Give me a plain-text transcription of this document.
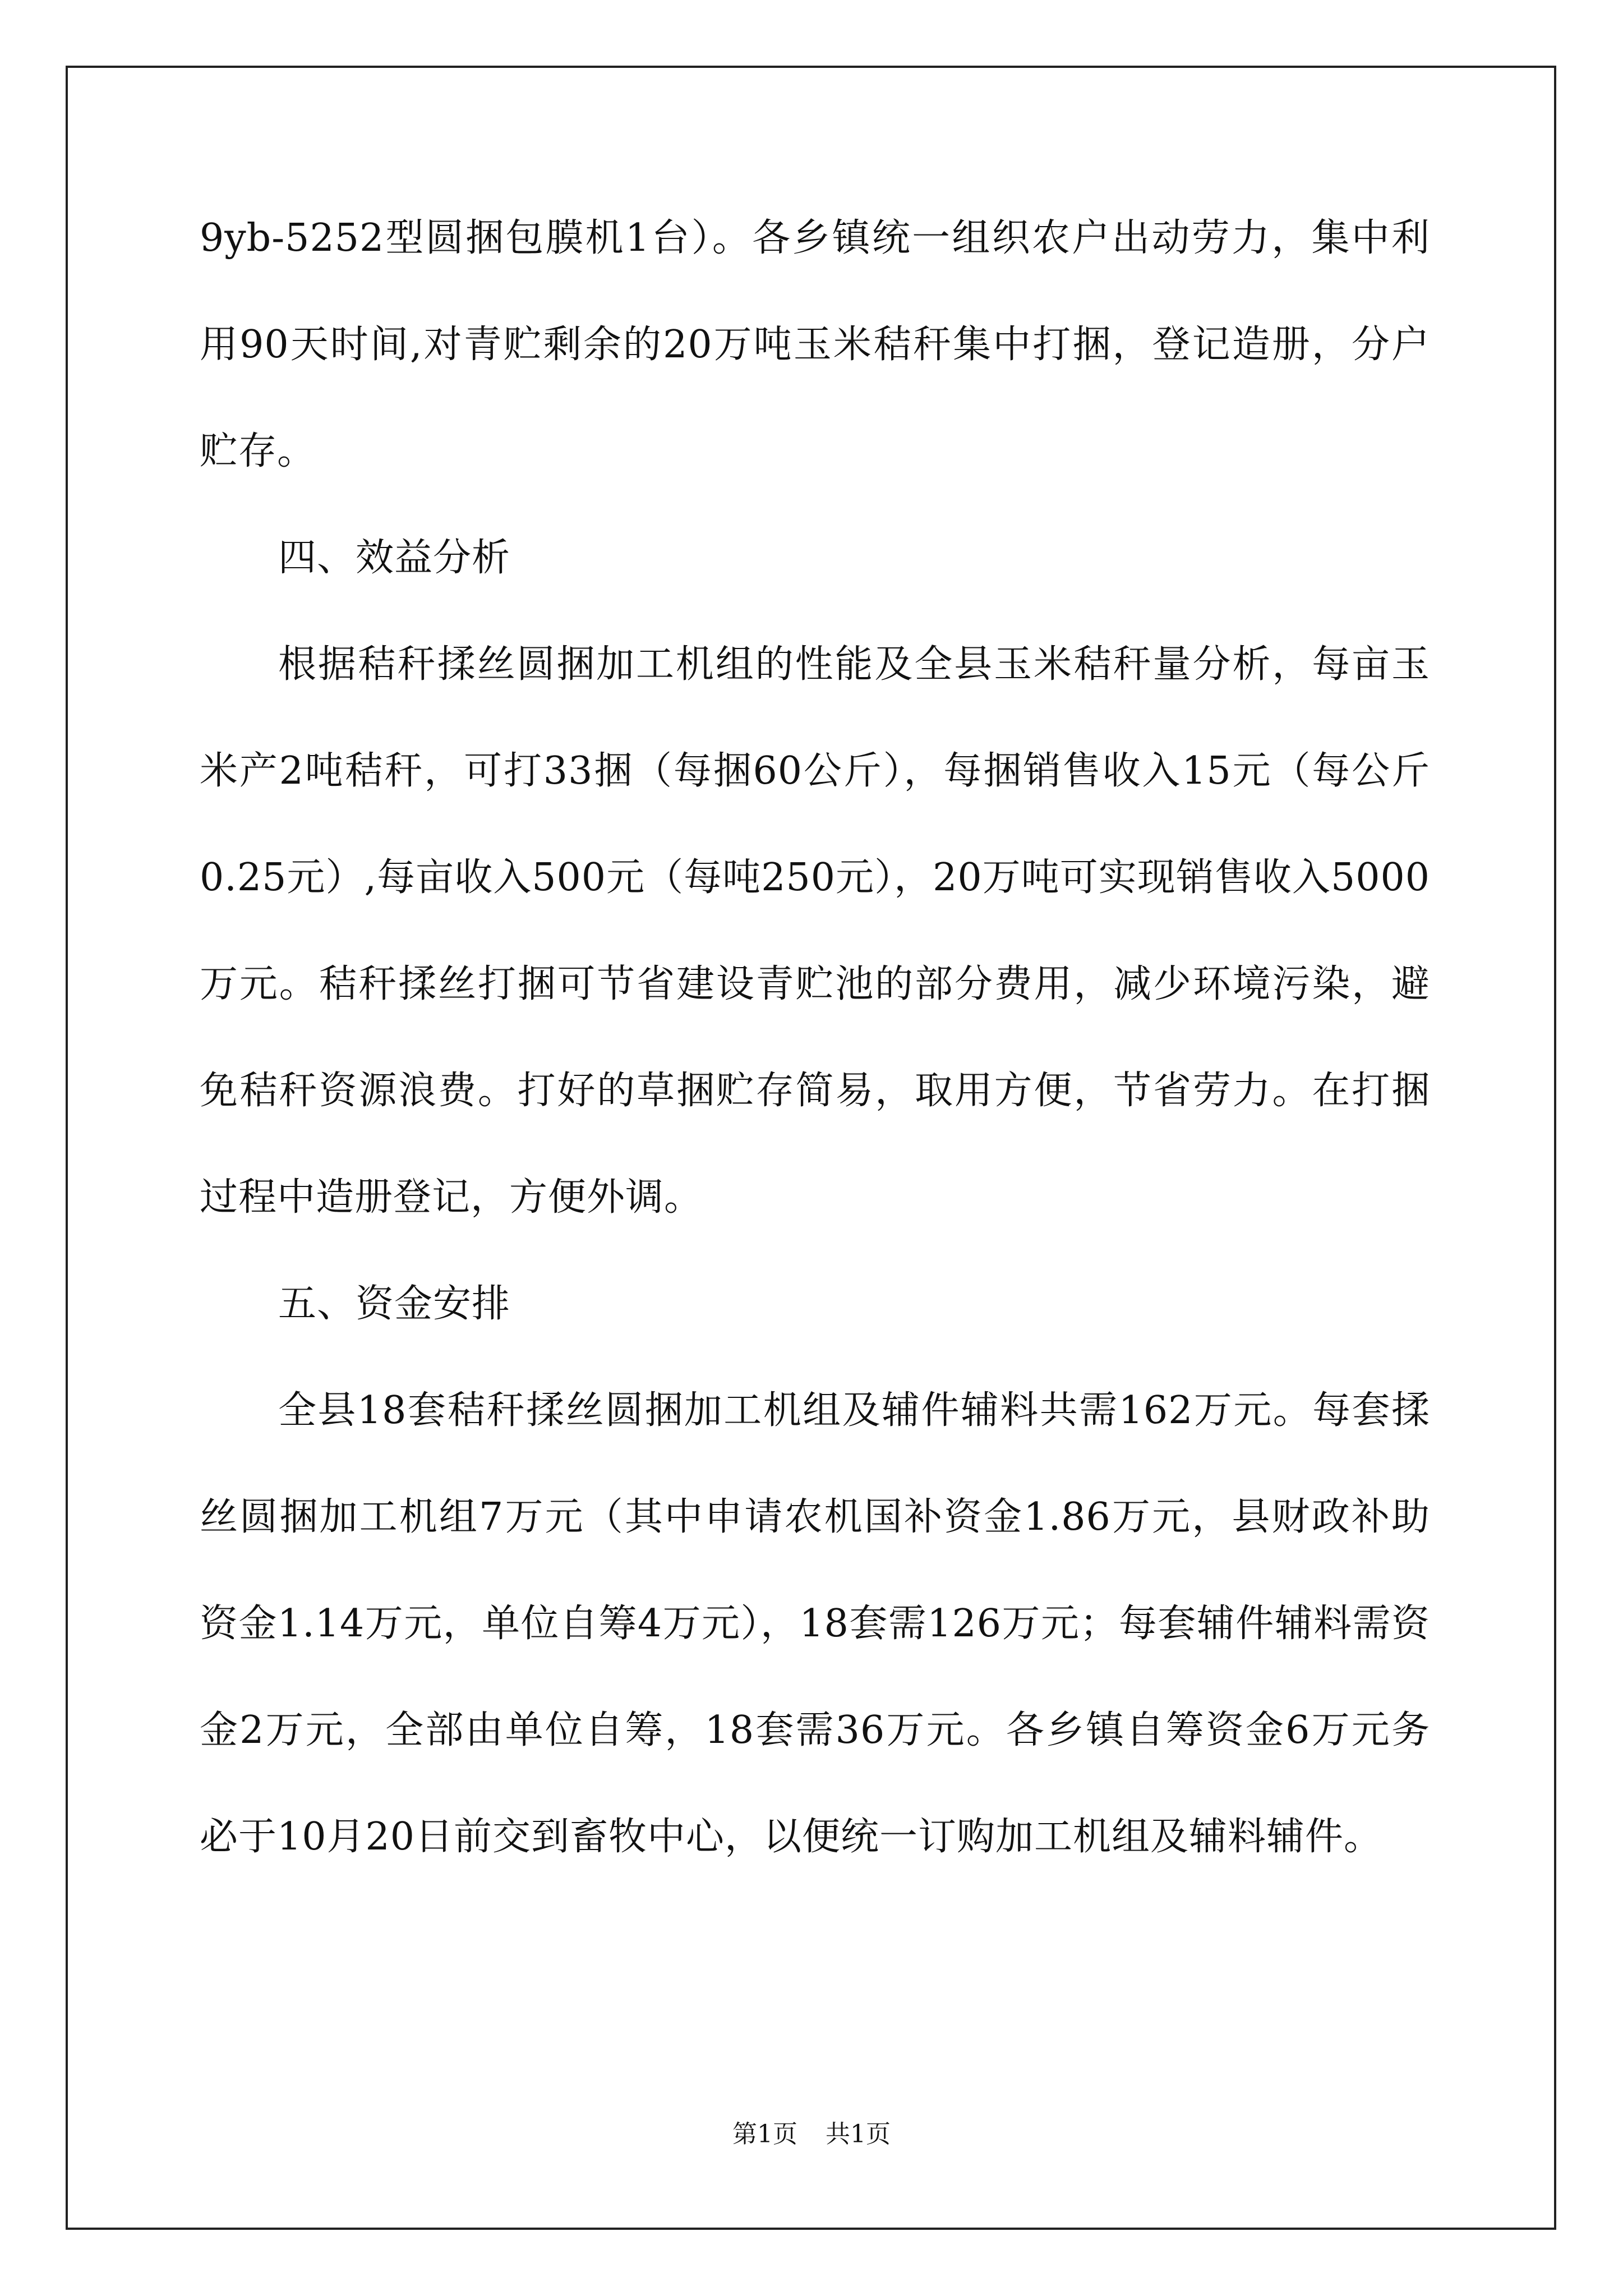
9yb-5252型圆捆包膜机1台）。各乡镇统一组织农户出动劳力，集中利用90天时间,对青贮剩余的20万吨玉米秸秆集中打捆，登记造册，分户贮存。

四、效益分析

根据秸秆揉丝圆捆加工机组的性能及全县玉米秸秆量分析，每亩玉米产2吨秸秆，可打33捆（每捆60公斤），每捆销售收入15元（每公斤0.25元）,每亩收入500元（每吨250元），20万吨可实现销售收入5000万元。秸秆揉丝打捆可节省建设青贮池的部分费用，减少环境污染，避免秸秆资源浪费。打好的草捆贮存简易，取用方便，节省劳力。在打捆过程中造册登记，方便外调。

五、资金安排

全县18套秸秆揉丝圆捆加工机组及辅件辅料共需162万元。每套揉丝圆捆加工机组7万元（其中申请农机国补资金1.86万元，县财政补助资金1.14万元，单位自筹4万元），18套需126万元；每套辅件辅料需资金2万元，全部由单位自筹，18套需36万元。各乡镇自筹资金6万元务必于10月20日前交到畜牧中心，以便统一订购加工机组及辅料辅件。

第1页 共1页
